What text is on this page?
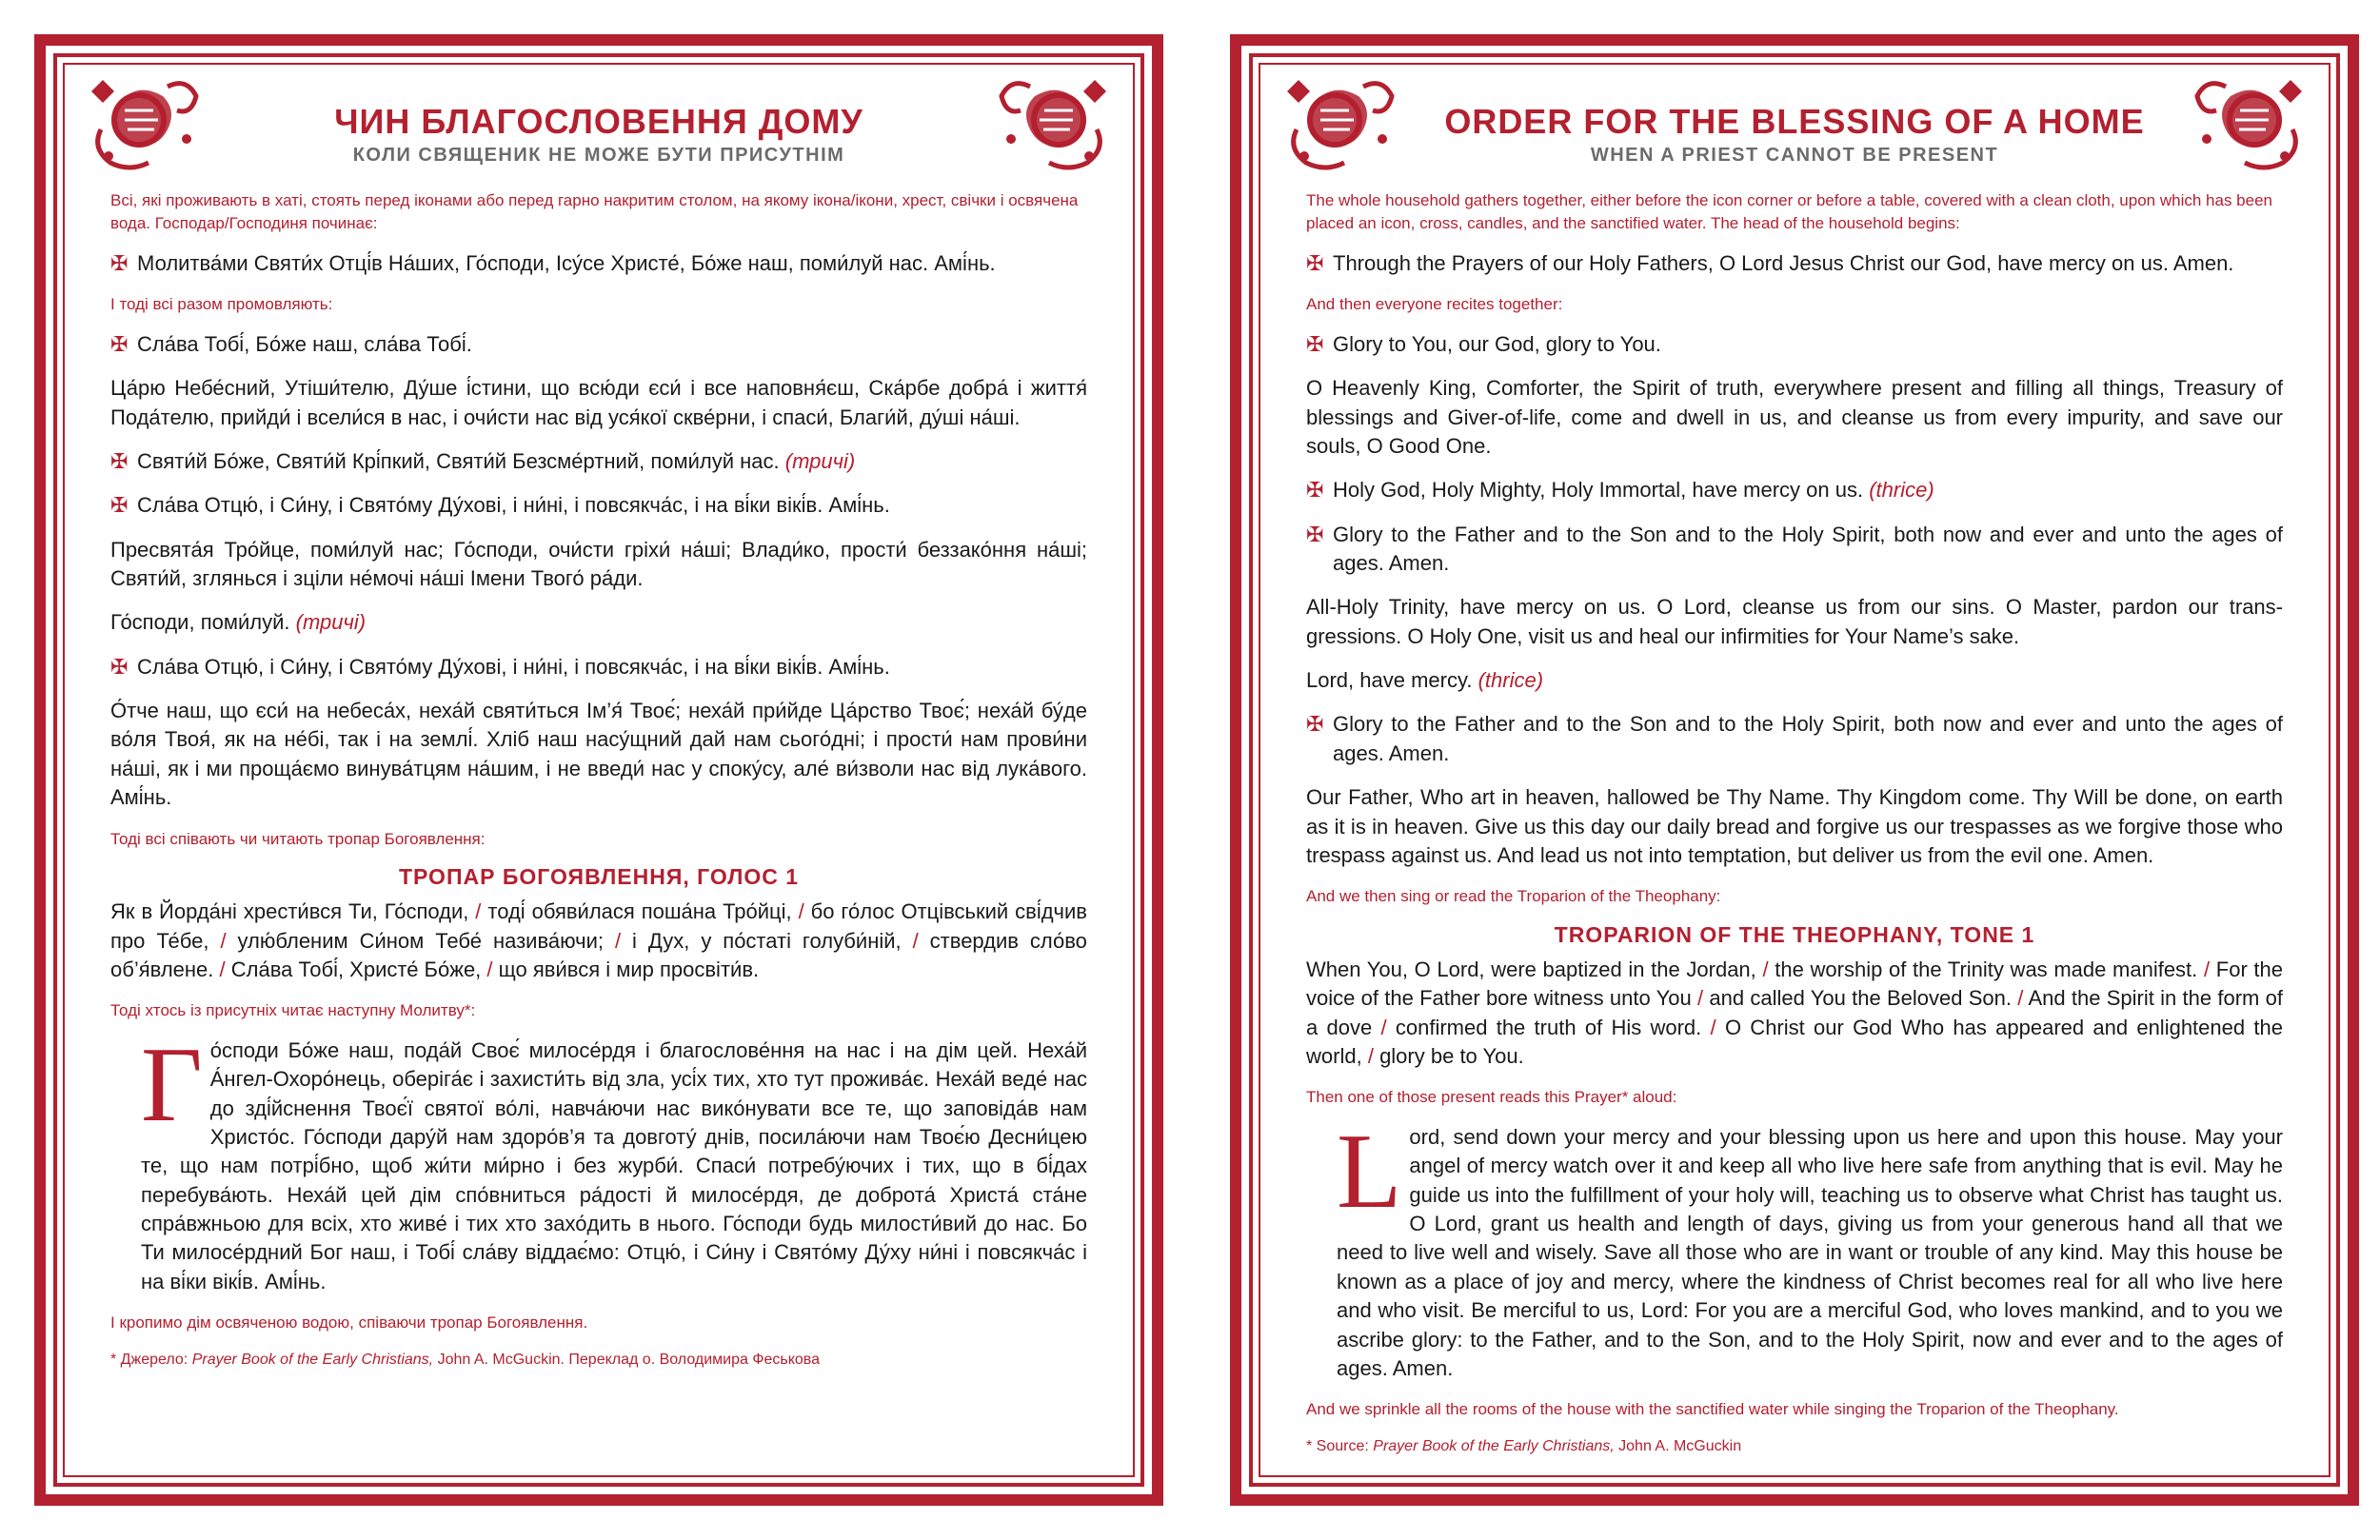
ЧИН БЛАГОСЛОВЕННЯ ДОМУ
КОЛИ СВЯЩЕНИК НЕ МОЖЕ БУТИ ПРИСУТНІМ

Всі, які проживають в хаті, стоять перед іконами або перед гарно накритим столом, на якому ікона/ікони, хрест, свічки і освячена вода. Господар/Господиня починає:

✠ Молитва́ми Святи́х Отці́в На́ших, Го́споди, Ісу́се Христе́, Бо́же наш, поми́луй нас. Амі́нь.

І тоді всі разом промовляють:

✠ Сла́ва Тобі́, Бо́же наш, сла́ва Тобі́.

Ца́рю Небе́сний, Утіши́телю, Ду́ше і́стини, що всю́ди єси́ і все наповня́єш, Ска́рбе добра́ і життя́ Пода́телю, прийди́ і всели́ся в нас, і очи́сти нас від уся́кої скве́рни, і спаси́, Благи́й, ду́ші на́ші.

✠ Святи́й Бо́же, Святи́й Крі́пкий, Святи́й Безсме́ртний, поми́луй нас. (тричі)

✠ Сла́ва Отцю́, і Си́ну, і Свято́му Ду́хові, і ни́ні, і повсякча́с, і на ві́ки вікі́в. Амі́нь.

Пресвята́я Тро́йце, поми́луй нас; Го́споди, очи́сти гріхи́ на́ші; Влади́ко, прости́ беззако́ння на́ші; Святи́й, зглянься і зціли не́мочі на́ші Імени Твого́ ра́ди.

Го́споди, поми́луй. (тричі)

✠ Сла́ва Отцю́, і Си́ну, і Свято́му Ду́хові, і ни́ні, і повсякча́с, і на ві́ки вікі́в. Амі́нь.

О́тче наш, що єси́ на небеса́х, неха́й святи́ться Ім’я́ Твоє́; неха́й при́йде Ца́рство Твоє́; неха́й бу́де во́ля Твоя́, як на не́бі, так і на землі́. Хліб наш насу́щний дай нам сього́дні; і прости́ нам прови́ни на́ші, як і ми проща́ємо винува́тцям на́шим, і не введи́ нас у споку́су, але́ ви́зволи нас від лука́вого. Амі́нь.

Тоді всі співають чи читають тропар Богоявлення:

ТРОПАР БОГОЯВЛЕННЯ, ГОЛОС 1

Як в Йорда́ні хрести́вся Ти, Го́споди, / тоді́ обяви́лася поша́на Тро́йці, / бо го́лос Отцівський сві́дчив про Те́бе, / улю́бленим Си́ном Тебе́ назива́ючи; / і Дух, у по́статі голуби́ній, / ствердив сло́во об’я́влене. / Сла́ва Тобі́, Христе́ Бо́же, / що яви́вся і мир просвіти́в.

Тоді хтось із присутніх читає наступну Молитву*:

Г о́споди Бо́же наш, пода́й Своє́ милосе́рдя і благослове́ння на нас і на дім цей. Неха́й А́нгел-Охоро́нець, оберіга́є і захисти́ть від зла, усі́х тих, хто тут прожива́є. Неха́й веде́ нас до зді́йснення Твоє́ї святої во́лі, навча́ючи нас вико́нувати все те, що заповіда́в нам Христо́с. Го́споди дару́й нам здоро́в’я та довготу́ днів, посила́ючи нам Твоє́ю Десни́цею те, що нам потрі́бно, щоб жи́ти ми́рно і без журби́. Спаси́ потребу́ючих і тих, що в бі́дах перебува́ють. Неха́й цей дім спо́вниться ра́дості й милосе́рдя, де доброта́ Христа́ ста́не спра́вжньою для всіх, хто живе́ і тих хто захо́дить в нього. Го́споди будь милости́вий до нас. Бо Ти милосе́рдний Бог наш, і Тобі́ сла́ву віддає́мо: Отцю́, і Си́ну і Свято́му Ду́ху ни́ні і повсякча́с і на ві́ки вікі́в. Амі́нь.

І кропимо дім освяченою водою, співаючи тропар Богоявлення.

* Джерело: Prayer Book of the Early Christians, John A. McGuckin. Переклад о. Володимира Феськова

ORDER FOR THE BLESSING OF A HOME
WHEN A PRIEST CANNOT BE PRESENT

The whole household gathers together, either before the icon corner or before a table, covered with a clean cloth, upon which has been placed an icon, cross, candles, and the sanctified water. The head of the household begins:

✠ Through the Prayers of our Holy Fathers, O Lord Jesus Christ our God, have mercy on us. Amen.

And then everyone recites together:

✠ Glory to You, our God, glory to You.

O Heavenly King, Comforter, the Spirit of truth, everywhere present and filling all things, Treasury of blessings and Giver-of-life, come and dwell in us, and cleanse us from every impurity, and save our souls, O Good One.

✠ Holy God, Holy Mighty, Holy Immortal, have mercy on us. (thrice)

✠ Glory to the Father and to the Son and to the Holy Spirit, both now and ever and unto the ages of ages. Amen.

All-Holy Trinity, have mercy on us. O Lord, cleanse us from our sins. O Master, pardon our transgressions. O Holy One, visit us and heal our infirmities for Your Name’s sake.

Lord, have mercy. (thrice)

✠ Glory to the Father and to the Son and to the Holy Spirit, both now and ever and unto the ages of ages. Amen.

Our Father, Who art in heaven, hallowed be Thy Name. Thy Kingdom come. Thy Will be done, on earth as it is in heaven. Give us this day our daily bread and forgive us our trespasses as we forgive those who trespass against us. And lead us not into temptation, but deliver us from the evil one. Amen.

And we then sing or read the Troparion of the Theophany:

TROPARION OF THE THEOPHANY, TONE 1

When You, O Lord, were baptized in the Jordan, / the worship of the Trinity was made manifest. / For the voice of the Father bore witness unto You / and called You the Beloved Son. / And the Spirit in the form of a dove / confirmed the truth of His word. / O Christ our God Who has appeared and enlightened the world, / glory be to You.

Then one of those present reads this Prayer* aloud:

L ord, send down your mercy and your blessing upon us here and upon this house. May your angel of mercy watch over it and keep all who live here safe from anything that is evil. May he guide us into the fulfillment of your holy will, teaching us to observe what Christ has taught us. O Lord, grant us health and length of days, giving us from your generous hand all that we need to live well and wisely. Save all those who are in want or trouble of any kind. May this house be known as a place of joy and mercy, where the kindness of Christ becomes real for all who live here and who visit. Be merciful to us, Lord: For you are a merciful God, who loves mankind, and to you we ascribe glory: to the Father, and to the Son, and to the Holy Spirit, now and ever and to the ages of ages. Amen.

And we sprinkle all the rooms of the house with the sanctified water while singing the Troparion of the Theophany.

* Source: Prayer Book of the Early Christians, John A. McGuckin
